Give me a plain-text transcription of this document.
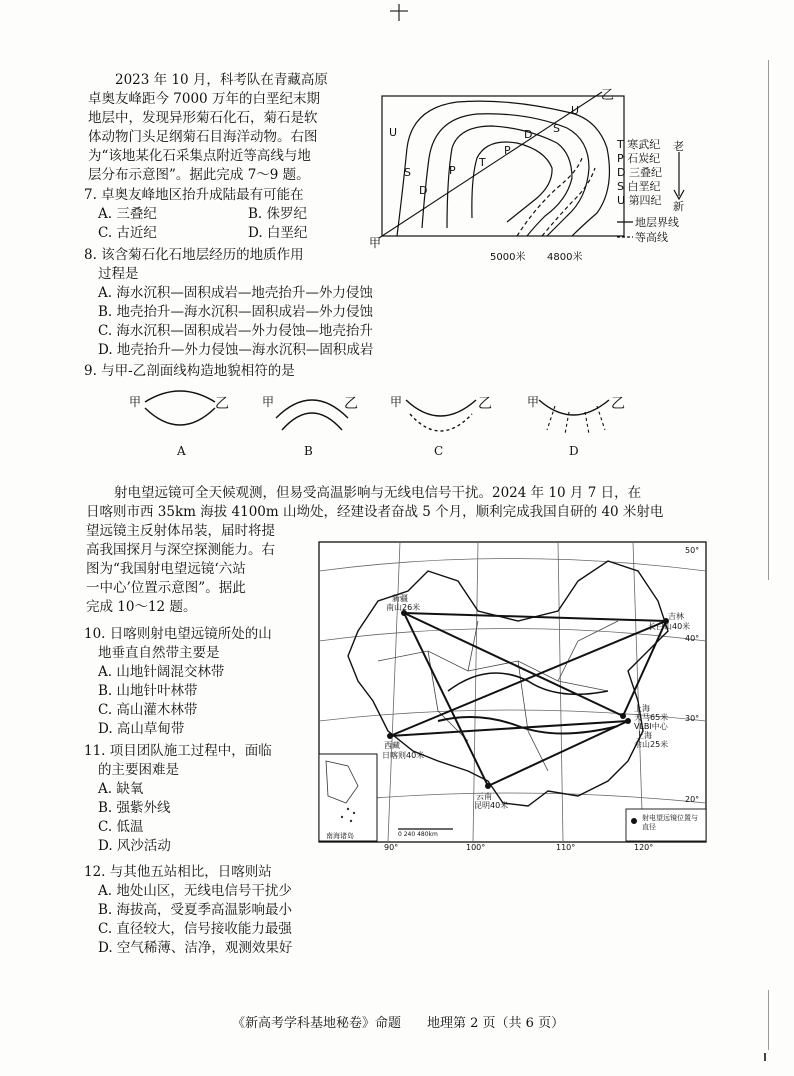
2023 年 10 月，科考队在青藏高原
卓奥友峰距今 7000 万年的白垩纪末期
地层中，发现异形菊石化石，菊石是软
体动物门头足纲菊石目海洋动物。右图
为“该地某化石采集点附近等高线与地
层分布示意图”。据此完成 7～9 题。
7. 卓奥友峰地区抬升成陆最有可能在
A. 三叠纪	B. 侏罗纪
C. 古近纪	D. 白垩纪
8. 该含菊石化石地层经历的地质作用
过程是
A. 海水沉积—固积成岩—地壳抬升—外力侵蚀
B. 地壳抬升—海水沉积—固积成岩—外力侵蚀
C. 海水沉积—固积成岩—外力侵蚀—地壳抬升
D. 地壳抬升—外力侵蚀—海水沉积—固积成岩
9. 与甲-乙剖面线构造地貌相符的是
甲	乙
A
甲	乙
B
甲	乙
C
甲	乙
D
甲
乙
U
S
D
P
T
P
D S
U
5000米 4800米
T 寒武纪
P 石炭纪
D 三叠纪
S 白垩纪
U 第四纪
老
新
地层界线
等高线
射电望远镜可全天候观测，但易受高温影响与无线电信号干扰。2024 年 10 月 7 日，在
日喀则市西 35km 海拔 4100m 山坳处，经建设者奋战 5 个月，顺利完成我国自研的 40 米射电
望远镜主反射体吊装，届时将提
高我国探月与深空探测能力。右
图为“我国射电望远镜‘六站
一中心’位置示意图”。据此
完成 10～12 题。
10. 日喀则射电望远镜所处的山
地垂直自然带主要是
A. 山地针阔混交林带
B. 山地针叶林带
C. 高山灌木林带
D. 高山草甸带
11. 项目团队施工过程中，面临
的主要困难是
A. 缺氧
B. 强紫外线
C. 低温
D. 风沙活动
12. 与其他五站相比，日喀则站
A. 地处山区，无线电信号干扰少
B. 海拔高，受夏季高温影响最小
C. 直径较大，信号接收能力最强
D. 空气稀薄、洁净，观测效果好
新疆
南山26米
吉林
长白山40米
上海
天马65米
VLBI中心
上海
佘山25米
西藏
日喀则40米
云南
昆明40米
50°
40°
30°
20°
90°	100°	110°	120°
0 240 480km
南海诸岛
射电望远镜位置与直径
《新高考学科基地秘卷》命题　　地理第 2 页（共 6 页）
